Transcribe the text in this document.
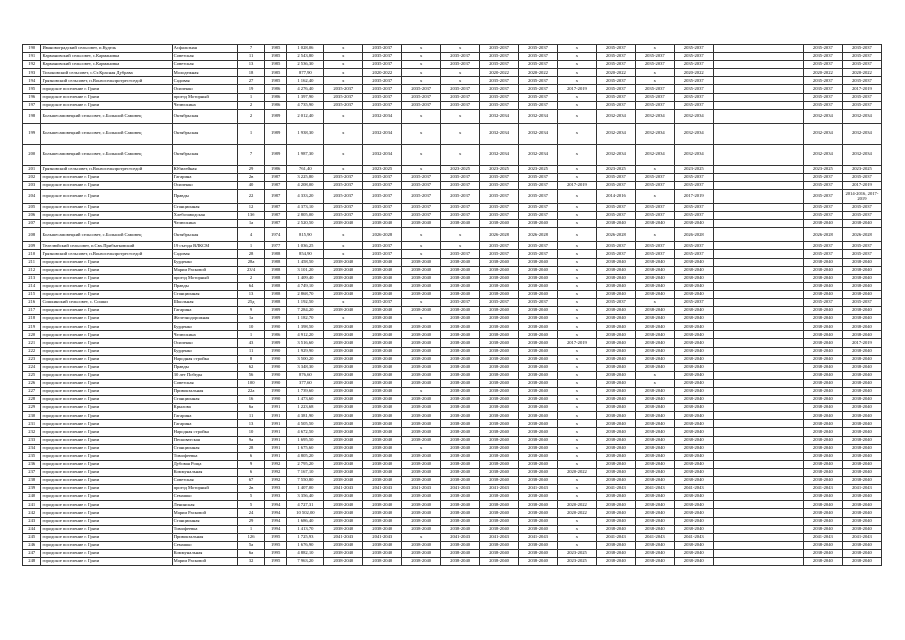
190	Ивановоградский сельсовет, п.Кудель	Асфальтная	7	1985	1 028,06	х	2035-2037	х	х	2035-2037	2035-2037	х	2035-2037	х	2035-2037		2035-2037	2035-2037
191	Кармановский сельсовет, с.Кармановка	Советская	11	1985	2 543,80	х	2035-2037	х	2035-2037	2035-2037	2035-2037	х	2035-2037	2035-2037	2035-2037		2035-2037	2035-2037
192	Кармановский сельсовет, с.Кармановка	Советская	13	1985	2 536,30	х	2035-2037	х	2035-2037	2035-2037	2035-2037	х	2035-2037	2035-2037	2035-2037		2035-2037	2035-2037
193	Тихоновский сельсовет, с.Ст.Красная Дубрава	Молодежная	18	1985	877,90	х	2020-2022	х	х	2020-2022	2020-2022	х	2020-2022	х	2020-2022		2020-2022	2020-2022
194	Грязновский сельсовет, п.Вонзосельпротрестседой	Садовая	27	1985	1 162,40	х	2035-2037	х	х	2035-2037	2035-2037	х	2035-2037	х	2035-2037		2035-2037	2035-2037
195	городское поселение г. Грязи	Осипенко	19	1986	4 276,40	2035-2037	2035-2037	2035-2037	2035-2037	2035-2037	2035-2037	2017-2019	2035-2037	2035-2037	2035-2037		2035-2037	2017-2019
196	городское поселение г. Грязи	проезд Моторный	1	1986	1 397,90	2035-2037	2035-2037	2035-2037	2035-2037	2035-2037	2035-2037	х	2035-2037	2035-2037	2035-2037		2035-2037	2035-2037
197	городское поселение г. Грязи	Челюскина	2	1986	4 735,90	2035-2037	2035-2037	2035-2037	2035-2037	2035-2037	2035-2037	х	2035-2037	2035-2037	2035-2037		2035-2037	2035-2037
198	Большесамовецкий сельсовет, с.Большой Самовец	Октябрьская	2	1989	2 012,40	х	2032-2034	х	х	2032-2034	2032-2034	х	2032-2034	2032-2034	2032-2034		2032-2034	2032-2034
199	Большесамовецкий сельсовет, с.Большой Самовец	Октябрьская	1	1989	1 938,30	х	2032-2034	х	х	2032-2034	2032-2034	х	2032-2034	2032-2034	2032-2034		2032-2034	2032-2034
200	Большесамовецкий сельсовет, с.Большой Самовец	Октябрьская	7	1989	1 987,30	х	2032-2034	х	х	2032-2034	2032-2034	х	2032-2034	2032-2034	2032-2034		2032-2034	2032-2034
201	Грязновский сельсовет, п.Вонзосельпротрестседой	Юбилейная	29	1986	761,40	х	2023-2025	х	2023-2025	2023-2025	2023-2025	х	2023-2025	х	2023-2025		2023-2025	2023-2025
202	городское поселение г. Грязи	Гагарина	2в	1987	3 225,80	2035-2037	2035-2037	2035-2037	2035-2037	2035-2037	2035-2037	х	2035-2037	2035-2037	2035-2037		2035-2037	2035-2037
203	городское поселение г. Грязи	Осипенко	40	1987	4 208,00	2035-2037	2035-2037	2035-2037	2035-2037	2035-2037	2035-2037	2017-2019	2035-2037	2035-2037	2035-2037		2035-2037	2017-2019
204	городское поселение г. Грязи	Правды	22	1987	4 333,20	2035-2037	2035-2037	2035-2037	2035-2037	2035-2037	2035-2037	х	2014-2016	х	2017-2019		2035-2037	2014-2016, 2017-2019
205	городское поселение г. Грязи	Станционная	12	1987	4 373,10	2035-2037	2035-2037	2035-2037	2035-2037	2035-2037	2035-2037	х	2035-2037	2035-2037	2035-2037		2035-2037	2035-2037
206	городское поселение г. Грязи	Хлебозаводская	13б	1987	2 805,00	2035-2037	2035-2037	2035-2037	2035-2037	2035-2037	2035-2037	х	2035-2037	2035-2037	2035-2037		2035-2037	2035-2037
207	городское поселение г. Грязи	Челюскина	1а	1987	2 520,50	2038-2040	2038-2040	2038-2040	2038-2040	2038-2040	2038-2040	х	2038-2040	2038-2040	2038-2040		2038-2040	2038-2040
208	Большесамовецкий сельсовет, с.Большой Самовец	Октябрьская	4	1974	815,90	х	2026-2028	х	х	2026-2028	2026-2028	х	2026-2028	х	2026-2028		2026-2028	2026-2028
209	Телелюйский сельсовет, п.Свх.Прибытковский	19 съезда ВЛКСМ	1	1977	1 036,25	х	2035-2037	х	х	2035-2037	2035-2037	х	2035-2037	2035-2037	2035-2037		2035-2037	2035-2037
210	Грязновский сельсовет, п.Вонзосельпротрестседой	Садовая	28	1988	854,90	х	2035-2037	х	2035-2037	2035-2037	2035-2037	х	2035-2037	2035-2037	2035-2037		2035-2037	2035-2037
211	городское поселение г. Грязи	Бурденко	28а	1988	1 458,50	2038-2040	2038-2040	2038-2040	2038-2040	2038-2040	2038-2040	х	2038-2040	2038-2040	2038-2040		2038-2040	2038-2040
212	городское поселение г. Грязи	Марии Расковой	23/4	1988	3 101,20	2038-2040	2038-2040	2038-2040	2038-2040	2038-2040	2038-2040	х	2038-2040	2038-2040	2038-2040		2038-2040	2038-2040
213	городское поселение г. Грязи	проезд Моторный	2	1988	1 409,40	2038-2040	2038-2040	2038-2040	2038-2040	2038-2040	2038-2040	х	2038-2040	2038-2040	2038-2040		2038-2040	2038-2040
214	городское поселение г. Грязи	Правды	64	1988	4 749,10	2038-2040	2038-2040	2038-2040	2038-2040	2038-2040	2038-2040	х	2038-2040	2038-2040	2038-2040		2038-2040	2038-2040
215	городское поселение г. Грязи	Станционная	13	1988	2 868,70	2038-2040	2038-2040	2038-2040	2038-2040	2038-2040	2038-2040	х	2038-2040	2038-2040	2038-2040		2038-2040	2038-2040
216	Сошкинский сельсовет, с. Сошки	Школьная	25д	1988	1 192,50	х	2035-2037	х	2035-2037	2035-2037	2035-2037	х	2035-2037	х	2035-2037		2035-2037	2035-2037
217	городское поселение г. Грязи	Гагарина	9	1989	7 284,20	2038-2040	2038-2040	2038-2040	2038-2040	2038-2040	2038-2040	х	2038-2040	2038-2040	2038-2040		2038-2040	2038-2040
218	городское поселение г. Грязи	Железнодорожная	1а	1989	1 182,70	х	2038-2040	х	2038-2040	2038-2040	2038-2040	х	2038-2040	2038-2040	2038-2040		2038-2040	2038-2040
219	городское поселение г. Грязи	Бурденко	10	1990	1 398,50	2038-2040	2038-2040	2038-2040	2038-2040	2038-2040	2038-2040	х	2038-2040	2038-2040	2038-2040		2038-2040	2038-2040
220	городское поселение г. Грязи	Челюскина	1	1986	4 912,20	2038-2040	2038-2040	2038-2040	2038-2040	2038-2040	2038-2040	х	2038-2040	2038-2040	2038-2040		2038-2040	2038-2040
221	городское поселение г. Грязи	Осипенко	43	1989	3 516,60	2038-2040	2038-2040	2038-2040	2038-2040	2038-2040	2038-2040	2017-2019	2038-2040	2038-2040	2038-2040		2038-2040	2017-2019
222	городское поселение г. Грязи	Бурденко	11	1990	1 929,90	2038-2040	2038-2040	2038-2040	2038-2040	2038-2040	2038-2040	х	2038-2040	2038-2040	2038-2040		2038-2040	2038-2040
223	городское поселение г. Грязи	Народная стройка	8	1990	3 500,20	2038-2040	2038-2040	2038-2040	2038-2040	2038-2040	2038-2040	х	2038-2040	2038-2040	2038-2040		2038-2040	2038-2040
224	городское поселение г. Грязи	Правды	62	1990	3 348,30	2038-2040	2038-2040	2038-2040	2038-2040	2038-2040	2038-2040	х	2038-2040	2038-2040	2038-2040		2038-2040	2038-2040
225	городское поселение г. Грязи	30 лет Победы	56	1990	876,60	2038-2040	2038-2040	2038-2040	2038-2040	2038-2040	2038-2040	х	2038-2040	х	2038-2040		2038-2040	2038-2040
226	городское поселение г. Грязи	Советская	100	1990	377,60	2038-2040	2038-2040	2038-2040	2038-2040	2038-2040	2038-2040	х	2038-2040	х	2038-2040		2038-2040	2038-2040
227	городское поселение г. Грязи	Привокзальная	22а	1990	1 739,60	2038-2040	2038-2040	х	2038-2040	2038-2040	2038-2040	х	2038-2040	2038-2040	2038-2040		2038-2040	2038-2040
228	городское поселение г. Грязи	Станционная	16	1990	1 473,60	2038-2040	2038-2040	2038-2040	2038-2040	2038-2040	2038-2040	х	2038-2040	2038-2040	2038-2040		2038-2040	2038-2040
229	городское поселение г. Грязи	Крылова	6а	1991	1 223,68	2038-2040	2038-2040	2038-2040	2038-2040	2038-2040	2038-2040	х	2038-2040	2038-2040	2038-2040		2038-2040	2038-2040
230	городское поселение г. Грязи	Гагарина	11	1991	4 381,90	2038-2040	2038-2040	2038-2040	2038-2040	2038-2040	2038-2040	х	2038-2040	2038-2040	2038-2040		2038-2040	2038-2040
231	городское поселение г. Грязи	Гагарина	13	1991	4 505,50	2038-2040	2038-2040	2038-2040	2038-2040	2038-2040	2038-2040	х	2038-2040	2038-2040	2038-2040		2038-2040	2038-2040
232	городское поселение г. Грязи	Народная стройка	10	1991	4 672,50	2038-2040	2038-2040	2038-2040	2038-2040	2038-2040	2038-2040	х	2038-2040	2038-2040	2038-2040		2038-2040	2038-2040
233	городское поселение г. Грязи	Песковатская	9а	1991	1 695,50	2038-2040	2038-2040	2038-2040	2038-2040	2038-2040	2038-2040	х	2038-2040	2038-2040	2038-2040		2038-2040	2038-2040
234	городское поселение г. Грязи	Станционная	28	1991	1 675,60	2038-2040	2038-2040	х	2038-2040	2038-2040	2038-2040	х	2038-2040	2038-2040	2038-2040		2038-2040	2038-2040
235	городское поселение г. Грязи	Тимофеевка	6	1991	4 805,20	2038-2040	2038-2040	2038-2040	2038-2040	2038-2040	2038-2040	х	2038-2040	2038-2040	2038-2040		2038-2040	2038-2040
236	городское поселение г. Грязи	Дубовая Роща	9	1992	2 795,20	2038-2040	2038-2040	2038-2040	2038-2040	2038-2040	2038-2040	х	2038-2040	2038-2040	2038-2040		2038-2040	2038-2040
237	городское поселение г. Грязи	Коммунальная	6	1992	7 167,10	2038-2040	2038-2040	2038-2040	2038-2040	2038-2040	2038-2040	2020-2022	2038-2040	2038-2040	2038-2040		2038-2040	2038-2040
238	городское поселение г. Грязи	Советская	67	1992	7 550,80	2038-2040	2038-2040	2038-2040	2038-2040	2038-2040	2038-2040	х	2038-2040	2038-2040	2038-2040		2038-2040	2038-2040
239	городское поселение г. Грязи	проезд Моторный	2в	1993	1 407,00	2041-2043	2041-2043	2041-2043	2041-2043	2041-2043	2041-2043	х	2041-2043	2041-2043	2041-2043		2041-2043	2041-2043
240	городское поселение г. Грязи	Семашко	5	1993	3 356,40	2038-2040	2038-2040	2038-2040	2038-2040	2038-2040	2038-2040	х	2038-2040	2038-2040	2038-2040		2038-2040	2038-2040
241	городское поселение г. Грязи	Ленинская	5	1994	4 727,31	2038-2040	2038-2040	2038-2040	2038-2040	2038-2040	2038-2040	2020-2022	2038-2040	2038-2040	2038-2040		2038-2040	2038-2040
242	городское поселение г. Грязи	Марии Расковой	24	1994	10 502,00	2038-2040	2038-2040	2038-2040	2038-2040	2038-2040	2038-2040	2020-2022	2038-2040	2038-2040	2038-2040		2038-2040	2038-2040
243	городское поселение г. Грязи	Станционная	29	1994	1 686,40	2038-2040	2038-2040	2038-2040	2038-2040	2038-2040	2038-2040	х	2038-2040	2038-2040	2038-2040		2038-2040	2038-2040
244	городское поселение г. Грязи	Тимофеевка	1	1994	1 413,70	2038-2040	2038-2040	2038-2040	2038-2040	2038-2040	2038-2040	х	2038-2040	2038-2040	2038-2040		2038-2040	2038-2040
245	городское поселение г. Грязи	Привокзальная	126	1995	1 725,93	2041-2043	2041-2043	х	2041-2043	2041-2043	2041-2043	х	2041-2043	2041-2043	2041-2043		2041-2043	2041-2043
246	городское поселение г. Грязи	Семашко	5а	1995	1 676,90	2038-2040	2038-2040	2038-2040	2038-2040	2038-2040	2038-2040	х	2038-2040	2038-2040	2038-2040		2038-2040	2038-2040
247	городское поселение г. Грязи	Коммунальная	6а	1995	4 882,10	2038-2040	2038-2040	2038-2040	2038-2040	2038-2040	2038-2040	2023-2025	2038-2040	2038-2040	2038-2040		2038-2040	2038-2040
248	городское поселение г. Грязи	Марии Расковой	32	1995	7 963,20	2038-2040	2038-2040	2038-2040	2038-2040	2038-2040	2038-2040	2023-2025	2038-2040	2038-2040	2038-2040		2038-2040	2038-2040
